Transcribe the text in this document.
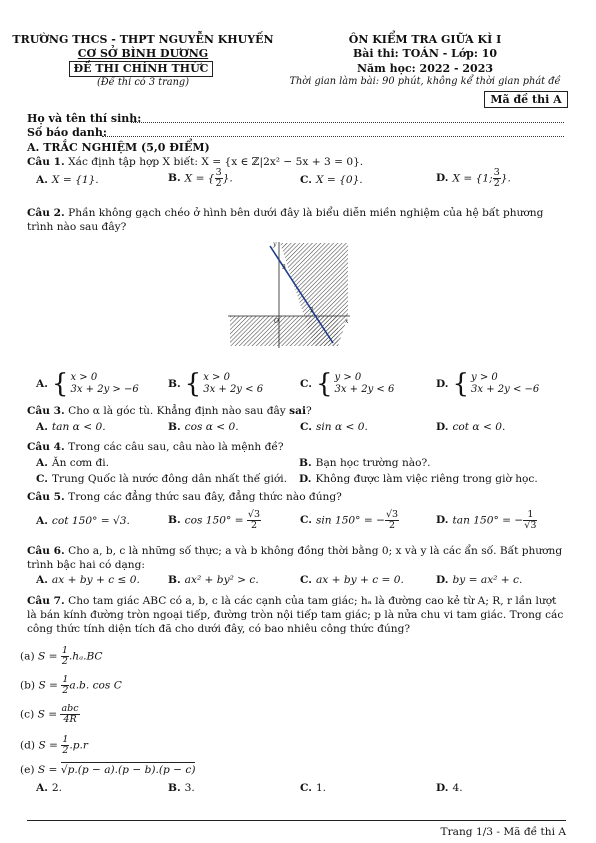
TRƯỜNG THCS - THPT NGUYỄN KHUYẾN
CƠ SỞ BÌNH DƯƠNG
ĐỀ THI CHÍNH THỨC
(Đề thi có 3 trang)
ÔN KIỂM TRA GIỮA KÌ I
Bài thi: TOÁN - Lớp: 10
Năm học: 2022 - 2023
Thời gian làm bài: 90 phút, không kể thời gian phát đề
Mã đề thi A
Họ và tên thí sinh:
Số báo danh:
A. TRẮC NGHIỆM (5,0 ĐIỂM)
Câu 1. Xác định tập hợp X biết: X = {x ∈ ℤ|2x² − 5x + 3 = 0}.
A. X = {1}.	B. X = { $\frac{3}{2}$ }.	C. X = {0}.	D. X = {1; $\frac{3}{2}$ }.
Câu 2. Phần không gạch chéo ở hình bên dưới đây là biểu diễn miền nghiệm của hệ bất phương trình nào sau đây?
y
x
O
3
2
A. { x > 0
3x + 2y > −6	B. { x > 0
3x + 2y < 6	C. { y > 0
3x + 2y < 6	D. { y > 0
3x + 2y < −6
Câu 3. Cho α là góc tù. Khẳng định nào sau đây sai?
A. tan α < 0.	B. cos α < 0.	C. sin α < 0.	D. cot α < 0.
Câu 4. Trong các câu sau, câu nào là mệnh đề?
A. Ăn cơm đi.	B. Bạn học trường nào?.
C. Trung Quốc là nước đông dân nhất thế giới. D. Không được làm việc riêng trong giờ học.
Câu 5. Trong các đẳng thức sau đây, đẳng thức nào đúng?
A. cot 150° = √3.	B. $\cos 150^\circ = \frac{√3}{2}$	C. sin 150° = − $\frac{√3}{2}$	D. tan 150° = − $\frac{1}{√3}$
Câu 6. Cho a, b, c là những số thực; a và b không đồng thời bằng 0; x và y là các ẩn số. Bất phương trình bậc hai có dạng:
A. ax + by + c ≤ 0.	B. ax² + by² > c.	C. ax + by + c = 0.	D. by = ax² + c.
Câu 7. Cho tam giác ABC có a, b, c là các cạnh của tam giác; hₐ là đường cao kẻ từ A; R, r lần lượt là bán kính đường tròn ngoại tiếp, đường tròn nội tiếp tam giác; p là nửa chu vi tam giác. Trong các công thức tính diện tích đã cho dưới đây, có bao nhiêu công thức đúng?
(a) $S = \frac{1}{2} .h_a.BC$
(b) $S = \frac{1}{2} a.b$. cos C
(c) $S = \frac{\text{abc}}{4R}$
(d) $S = \frac{1}{2} .p.r$
(e) S = √p.(p − a).(p − b).(p − c)
A. 2.	B. 3.	C. 1.	D. 4.
Trang 1/3 - Mã đề thi A
